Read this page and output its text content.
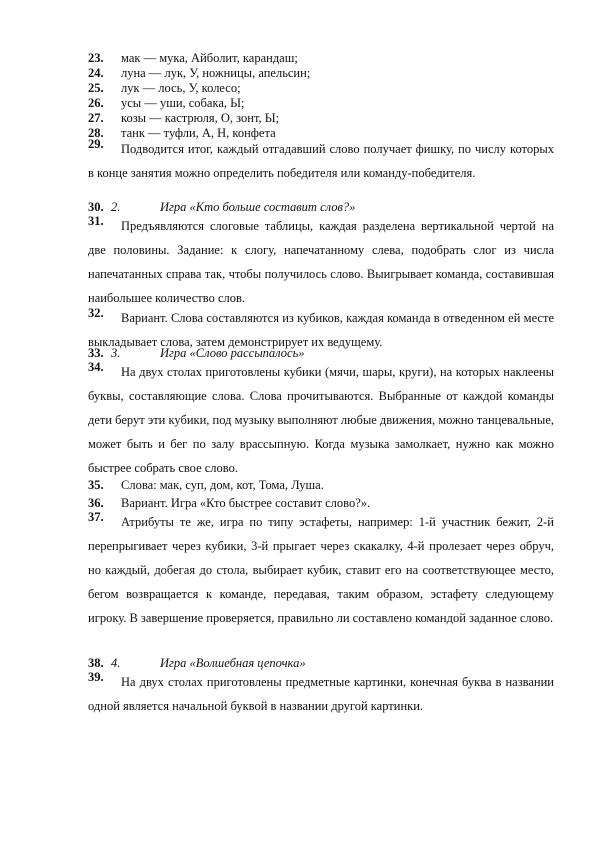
23. мак — мука, Айболит, карандаш;
24. луна — лук, У, ножницы, апельсин;
25. лук — лось, У, колесо;
26. усы — уши, собака, Ы;
27. козы — кастрюля, О, зонт, Ы;
28. танк — туфли, А, Н, конфета
29.	Подводится итог, каждый отгадавший слово получает фишку, по числу которых в конце занятия можно определить победителя или команду-победителя.
30. 2.	Игра «Кто больше составит слов?»
31.	Предъявляются слоговые таблицы, каждая разделена вертикальной чертой на две половины. Задание: к слогу, напечатанному слева, подобрать слог из числа напечатанных справа так, чтобы получилось слово. Выигрывает команда, составившая наибольшее количество слов.
32.	Вариант. Слова составляются из кубиков, каждая команда в отведенном ей месте выкладывает слова, затем демонстрирует их ведущему.
33. 3.	Игра «Слово рассыпалось»
34.	На двух столах приготовлены кубики (мячи, шары, круги), на которых наклеены буквы, составляющие слова. Слова прочитываются. Выбранные от каждой команды дети берут эти кубики, под музыку выполняют любые движения, можно танцевальные, может быть и бег по залу врассыпную. Когда музыка замолкает, нужно как можно быстрее собрать свое слово.
35. Слова: мак, суп, дом, кот, Тома, Луша.
36. Вариант. Игра «Кто быстрее составит слово?».
37.	Атрибуты те же, игра по типу эстафеты, например: 1-й участник бежит, 2-й перепрыгивает через кубики, 3-й прыгает через скакалку, 4-й пролезает через обруч, но каждый, добегая до стола, выбирает кубик, ставит его на соответствующее место, бегом возвращается к команде, передавая, таким образом, эстафету следующему игроку. В завершение проверяется, правильно ли составлено командой заданное слово.
38. 4.	Игра «Волшебная цепочка»
39.	На двух столах приготовлены предметные картинки, конечная буква в названии одной является начальной буквой в названии другой картинки.
